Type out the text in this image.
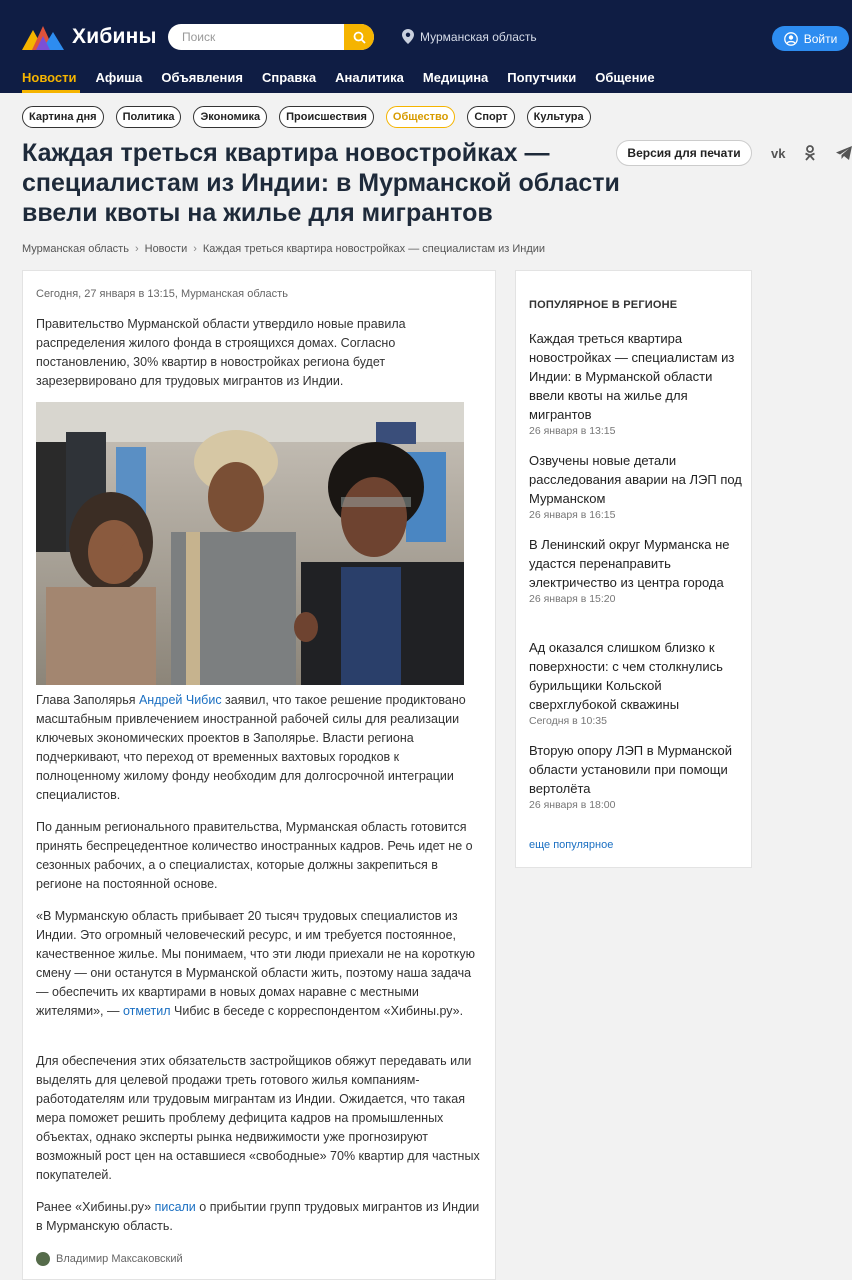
Хибины
Поиск	Мурманская область	Войти
Новости Афиша Объявления Справка Аналитика Медицина Попутчики Общение
Картина дня	Политика	Экономика	Происшествия	Общество	Спорт	Культура
Каждая треться квартира новостройках — специалистам из Индии: в Мурманской области ввели квоты на жилье для мигрантов
Версия для печати	vk
Мурманская область › Новости › Каждая треться квартира новостройках — специалистам из Индии
Сегодня, 27 января в 13:15, Мурманская область

Правительство Мурманской области утвердило новые правила распределения жилого фонда в строящихся домах. Согласно постановлению, 30% квартир в новостройках региона будет зарезервировано для трудовых мигрантов из Индии.

Глава Заполярья Андрей Чибис заявил, что такое решение продиктовано масштабным привлечением иностранной рабочей силы для реализации ключевых экономических проектов в Заполярье. Власти региона подчеркивают, что переход от временных вахтовых городков к полноценному жилому фонду необходим для долгосрочной интеграции специалистов.

По данным регионального правительства, Мурманская область готовится принять беспрецедентное количество иностранных кадров. Речь идет не о сезонных рабочих, а о специалистах, которые должны закрепиться в регионе на постоянной основе.

«В Мурманскую область прибывает 20 тысяч трудовых специалистов из Индии. Это огромный человеческий ресурс, и им требуется постоянное, качественное жилье. Мы понимаем, что эти люди приехали не на короткую смену — они останутся в Мурманской области жить, поэтому наша задача — обеспечить их квартирами в новых домах наравне с местными жителями», — отметил Чибис в беседе с корреспондентом «Хибины.ру».

Для обеспечения этих обязательств застройщиков обяжут передавать или выделять для целевой продажи треть готового жилья компаниям-работодателям или трудовым мигрантам из Индии. Ожидается, что такая мера поможет решить проблему дефицита кадров на промышленных объектах, однако эксперты рынка недвижимости уже прогнозируют возможный рост цен на оставшиеся «свободные» 70% квартир для частных покупателей.

Ранее «Хибины.ру» писали о прибытии групп трудовых мигрантов из Индии в Мурманскую область.

Владимир Максаковский
ПОПУЛЯРНОЕ В РЕГИОНЕ
Каждая треться квартира новостройках — специалистам из Индии: в Мурманской области ввели квоты на жилье для мигрантов
26 января в 13:15
Озвучены новые детали расследования аварии на ЛЭП под Мурманском
26 января в 16:15
В Ленинский округ Мурманска не удастся перенаправить электричество из центра города
26 января в 15:20
Ад оказался слишком близко к поверхности: с чем столкнулись бурильщики Кольской сверхглубокой скважины
Сегодня в 10:35
Вторую опору ЛЭП в Мурманской области установили при помощи вертолёта
26 января в 18:00
еще популярное
